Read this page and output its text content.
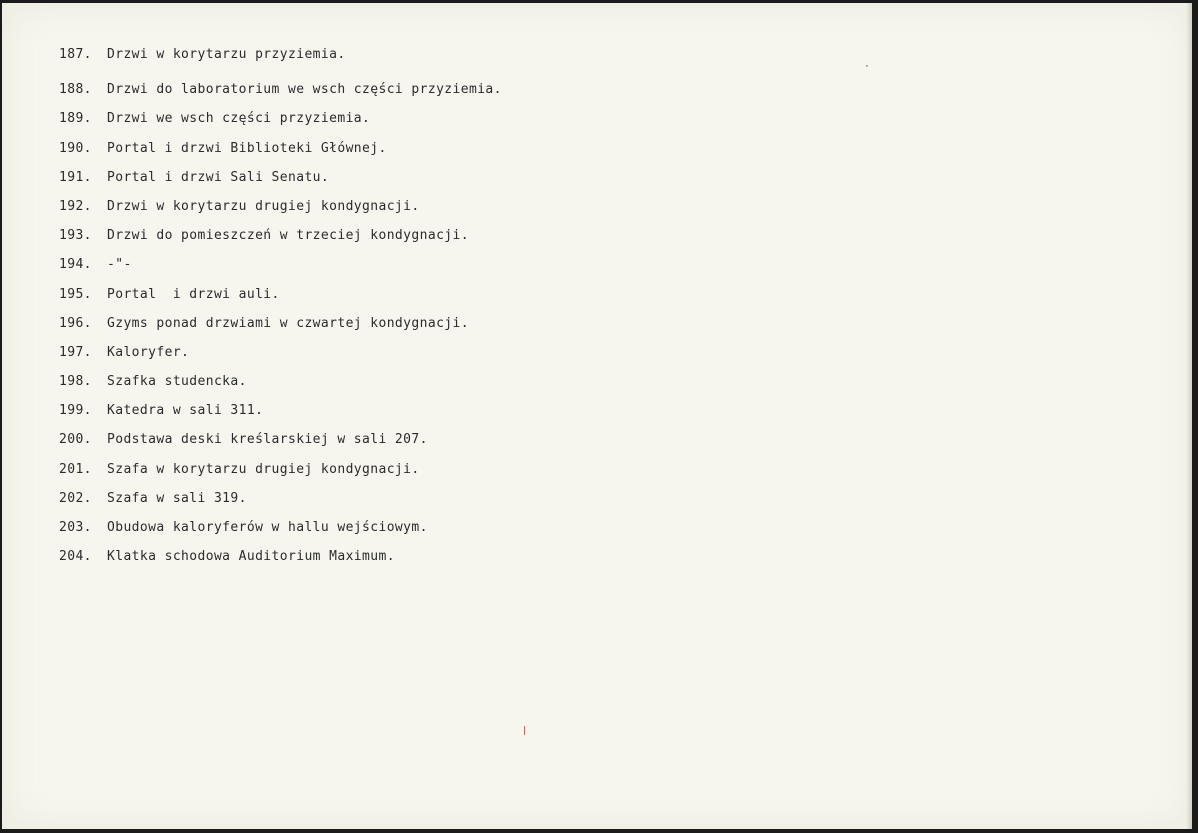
187. Drzwi w korytarzu przyziemia.
188. Drzwi do laboratorium we wsch części przyziemia.
189. Drzwi we wsch części przyziemia.
190. Portal i drzwi Biblioteki Głównej.
191. Portal i drzwi Sali Senatu.
192. Drzwi w korytarzu drugiej kondygnacji.
193. Drzwi do pomieszczeń w trzeciej kondygnacji.
194. -"-
195. Portal  i drzwi auli.
196. Gzyms ponad drzwiami w czwartej kondygnacji.
197. Kaloryfer.
198. Szafka studencka.
199. Katedra w sali 311.
200. Podstawa deski kreślarskiej w sali 207.
201. Szafa w korytarzu drugiej kondygnacji.
202. Szafa w sali 319.
203. Obudowa kaloryferów w hallu wejściowym.
204. Klatka schodowa Auditorium Maximum.
